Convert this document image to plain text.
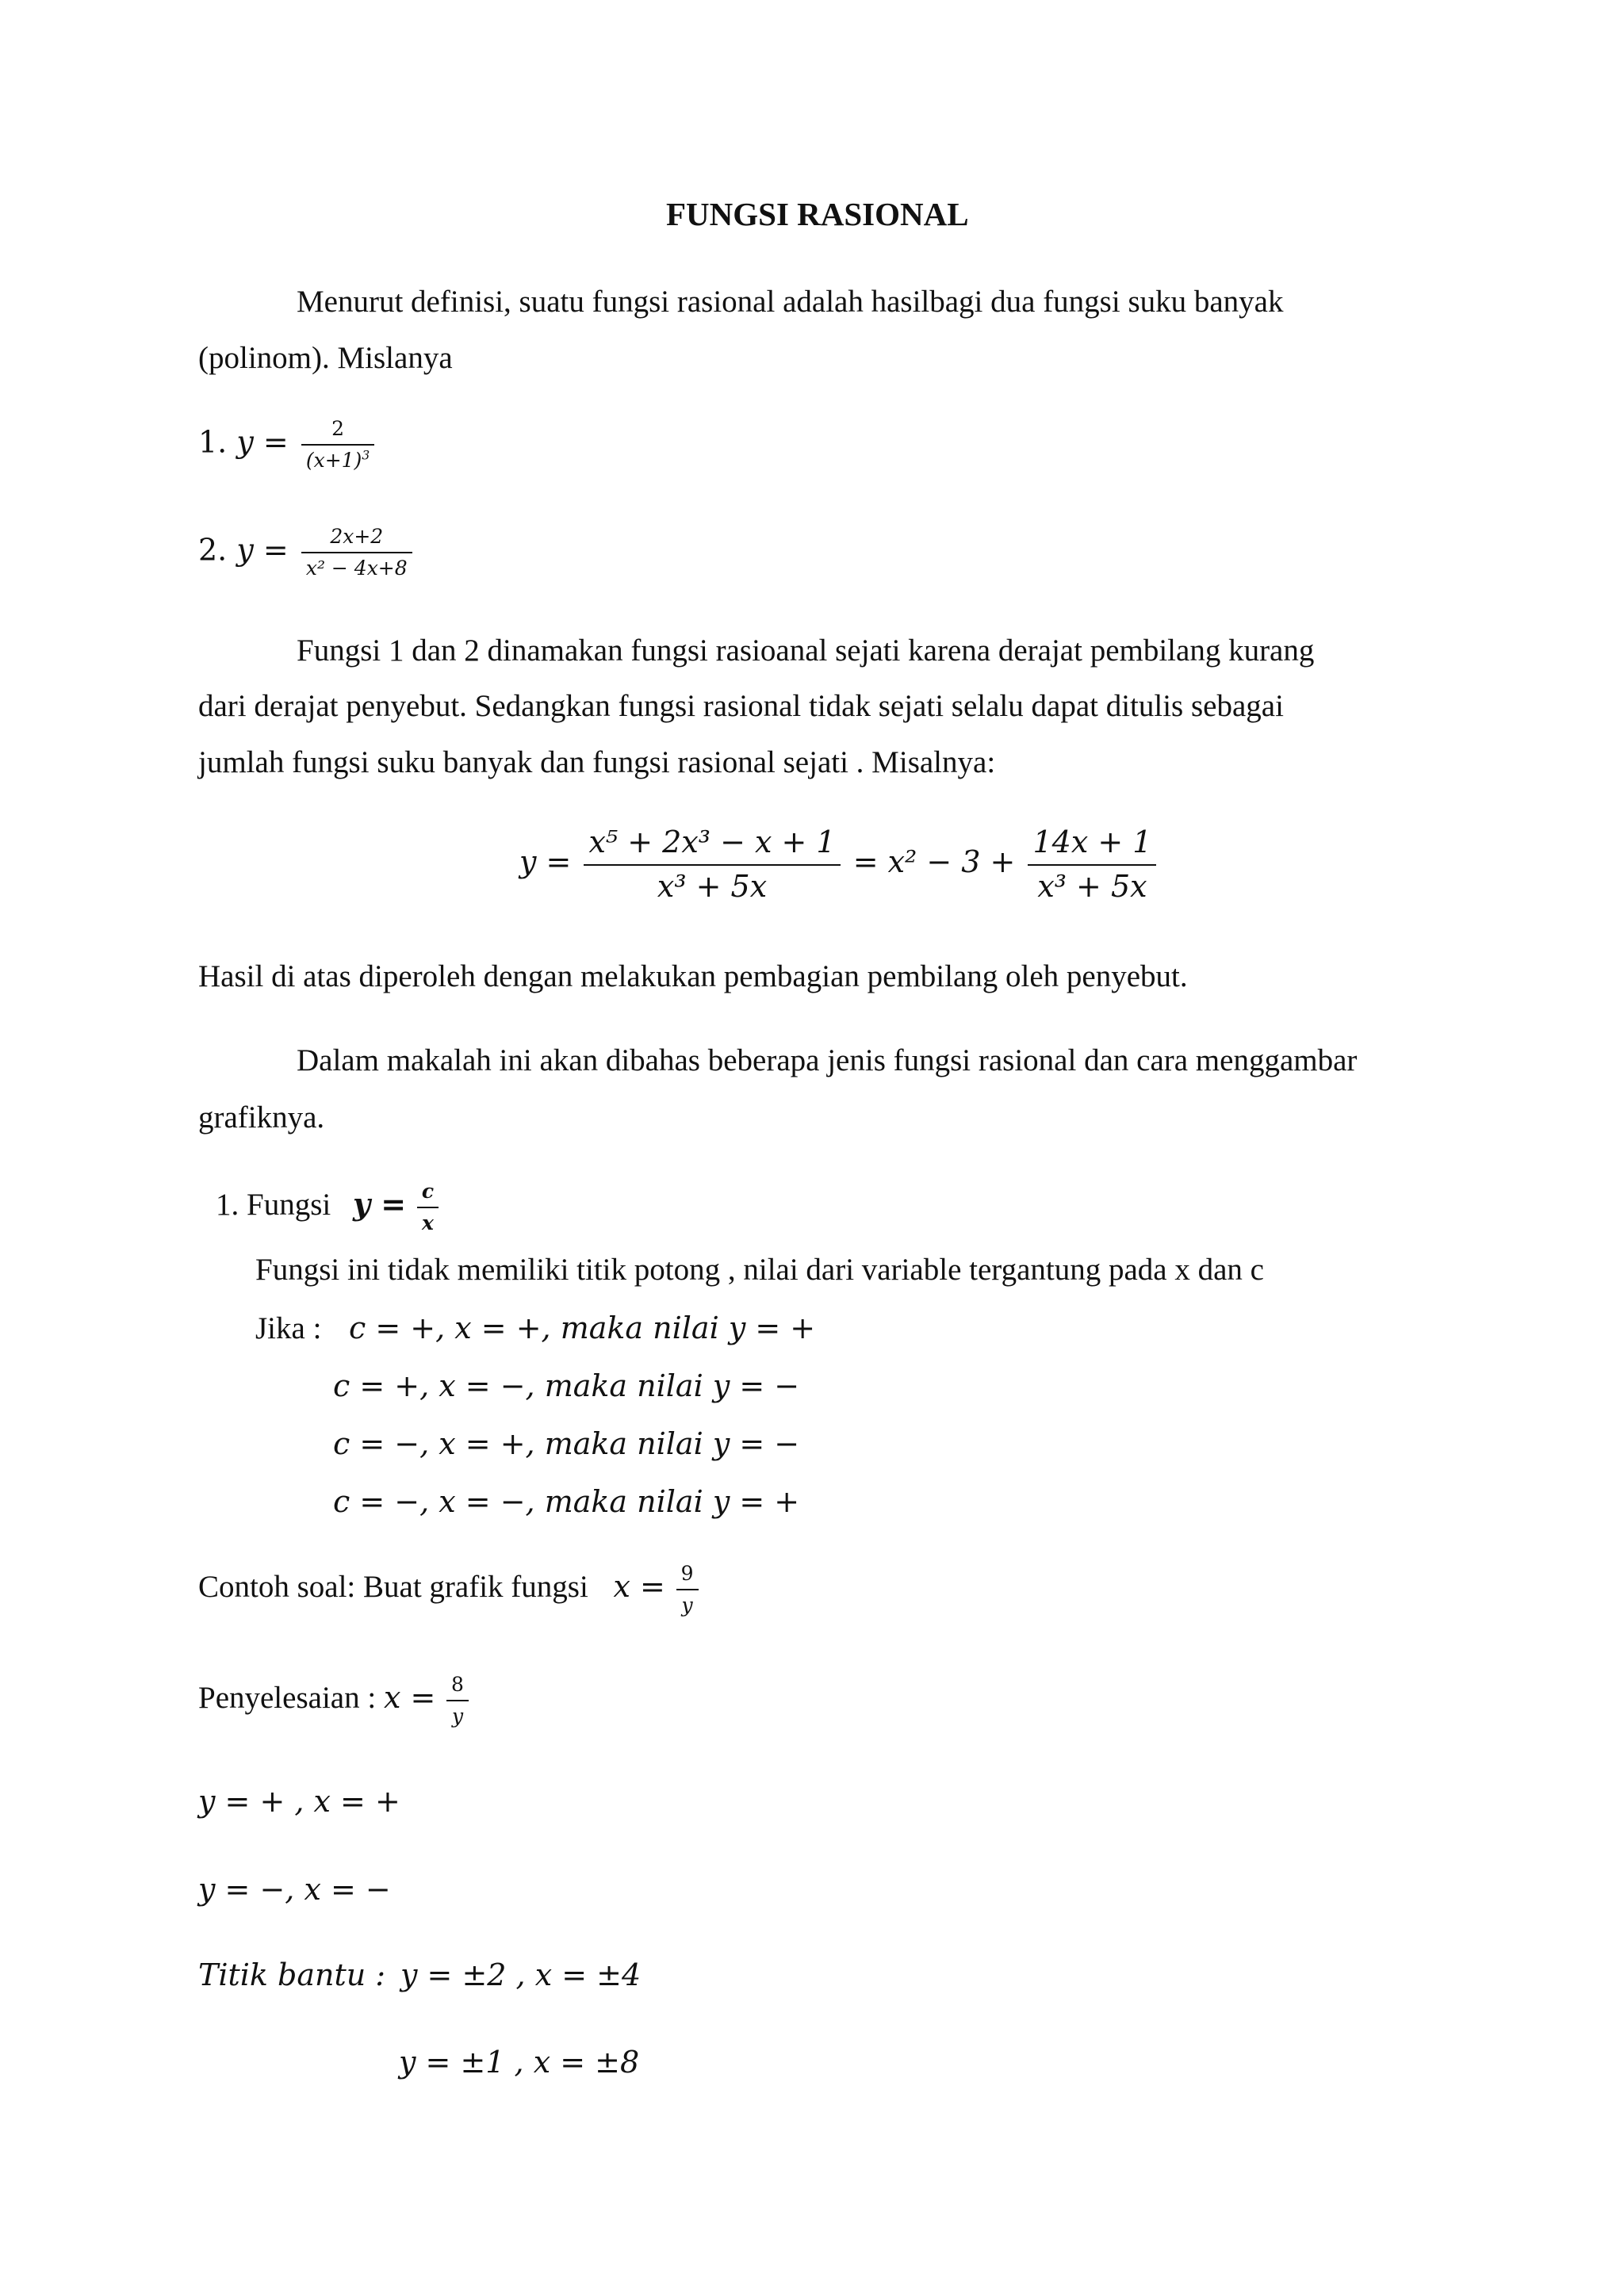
FUNGSI RASIONAL
Menurut definisi, suatu fungsi rasional adalah hasilbagi dua fungsi suku banyak
(polinom). Mislanya
1. $y = \frac{2}{(x+1)^3}$
2. $y = \frac{2x+2}{\text{x² − 4x+8}}$
Fungsi 1 dan 2 dinamakan fungsi rasioanal sejati karena derajat pembilang kurang
dari derajat penyebut. Sedangkan fungsi rasional tidak sejati selalu dapat ditulis sebagai
jumlah fungsi suku banyak dan fungsi rasional sejati . Misalnya:
$y = \frac{\text{x⁵ + 2x³ − x + 1}}{\text{x³ + 5x}} = x^2 - 3 + \frac{14x + 1}{\text{x³ + 5x}}$
Hasil di atas diperoleh dengan melakukan pembagian pembilang oleh penyebut.
Dalam makalah ini akan dibahas beberapa jenis fungsi rasional dan cara menggambar
grafiknya.
1. Fungsi $y = \frac{c}{x}$
Fungsi ini tidak memiliki titik potong , nilai dari variable tergantung pada x dan c
Jika : c = +, x = +, maka nilai y = +
c = +, x = −, maka nilai y = −
c = −, x = +, maka nilai y = −
c = −, x = −, maka nilai y = +
Contoh soal: Buat grafik fungsi $x = \frac{9}{y}$
Penyelesaian : $x = \frac{8}{y}$
y = + , x = +
y = −, x = −
Titik bantu : y = ±2 , x = ±4
y = ±1 , x = ±8
